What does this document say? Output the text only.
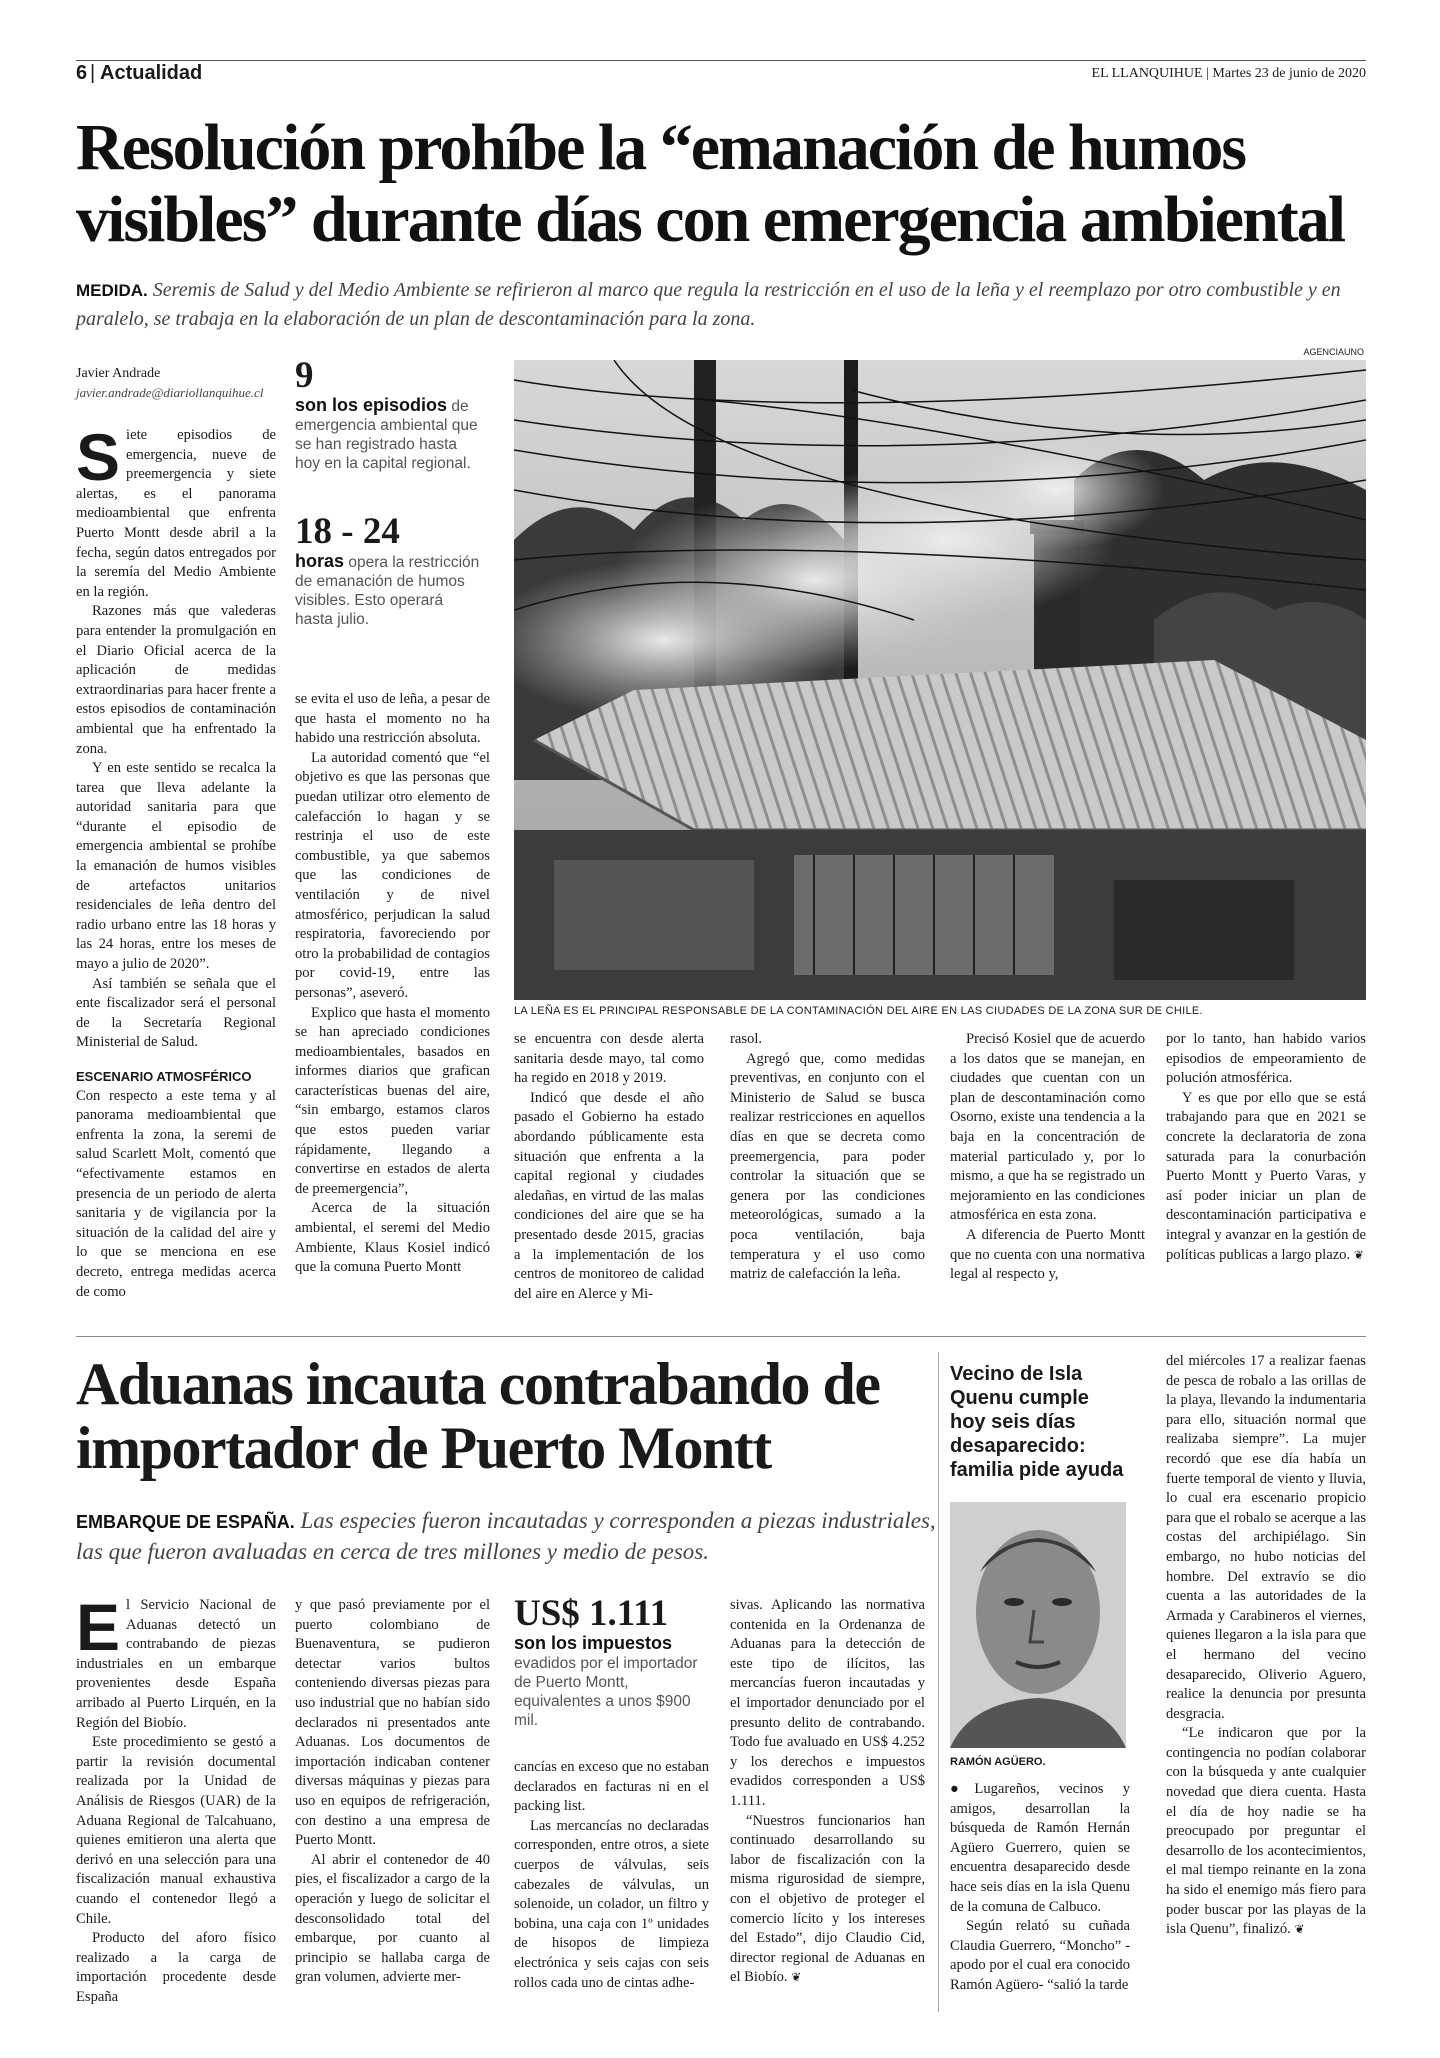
6 | Actualidad	EL LLANQUIHUE | Martes 23 de junio de 2020
Resolución prohíbe la “emanación de humos visibles” durante días con emergencia ambiental
MEDIDA. Seremis de Salud y del Medio Ambiente se refirieron al marco que regula la restricción en el uso de la leña y el reemplazo por otro combustible y en paralelo, se trabaja en la elaboración de un plan de descontaminación para la zona.
Javier Andrade
javier.andrade@diariollanquihue.cl 9
son los episodios de emergencia ambiental que se han registrado hasta hoy en la capital regional.
18 - 24
horas opera la restricción de emanación de humos visibles. Esto operará hasta julio.

Siete episodios de emergencia, nueve de preemergencia y siete alertas, es el panorama medioambiental que enfrenta Puerto Montt desde abril a la fecha, según datos entregados por la seremía del Medio Ambiente en la región.

Razones más que valederas para entender la promulgación en el Diario Oficial acerca de la aplicación de medidas extraordinarias para hacer frente a estos episodios de contaminación ambiental que ha enfrentado la zona.

Y en este sentido se recalca la tarea que lleva adelante la autoridad sanitaria para que “durante el episodio de emergencia ambiental se prohíbe la emanación de humos visibles de artefactos unitarios residenciales de leña dentro del radio urbano entre las 18 horas y las 24 horas, entre los meses de mayo a julio de 2020”.

Así también se señala que el ente fiscalizador será el personal de la Secretaría Regional Ministerial de Salud.

ESCENARIO ATMOSFÉRICO

Con respecto a este tema y al panorama medioambiental que enfrenta la zona, la seremi de salud Scarlett Molt, comentó que “efectivamente estamos en presencia de un periodo de alerta sanitaria y de vigilancia por la situación de la calidad del aire y lo que se menciona en ese decreto, entrega medidas acerca de como

se evita el uso de leña, a pesar de que hasta el momento no ha habido una restricción absoluta.

La autoridad comentó que “el objetivo es que las personas que puedan utilizar otro elemento de calefacción lo hagan y se restrinja el uso de este combustible, ya que sabemos que las condiciones de ventilación y de nivel atmosférico, perjudican la salud respiratoria, favoreciendo por otro la probabilidad de contagios por covid-19, entre las personas”, aseveró.

Explico que hasta el momento se han apreciado condiciones medioambientales, basados en informes diarios que grafican características buenas del aire, “sin embargo, estamos claros que estos pueden variar rápidamente, llegando a convertirse en estados de alerta de preemergencia”,

Acerca de la situación ambiental, el seremi del Medio Ambiente, Klaus Kosiel indicó que la comuna Puerto Montt

AGENCIAUNO
LA LEÑA ES EL PRINCIPAL RESPONSABLE DE LA CONTAMINACIÓN DEL AIRE EN LAS CIUDADES DE LA ZONA SUR DE CHILE.

se encuentra con desde alerta sanitaria desde mayo, tal como ha regido en 2018 y 2019.

Indicó que desde el año pasado el Gobierno ha estado abordando públicamente esta situación que enfrenta a la capital regional y ciudades aledañas, en virtud de las malas condiciones del aire que se ha presentado desde 2015, gracias a la implementación de los centros de monitoreo de calidad del aire en Alerce y Mi-

rasol.

Agregó que, como medidas preventivas, en conjunto con el Ministerio de Salud se busca realizar restricciones en aquellos días en que se decreta como preemergencia, para poder controlar la situación que se genera por las condiciones meteorológicas, sumado a la poca ventilación, baja temperatura y el uso como matriz de calefacción la leña.

Precisó Kosiel que de acuerdo a los datos que se manejan, en ciudades que cuentan con un plan de descontaminación como Osorno, existe una tendencia a la baja en la concentración de material particulado y, por lo mismo, a que ha se registrado un mejoramiento en las condiciones atmosférica en esta zona.

A diferencia de Puerto Montt que no cuenta con una normativa legal al respecto y,

por lo tanto, han habido varios episodios de empeoramiento de polución atmosférica.

Y es que por ello que se está trabajando para que en 2021 se concrete la declaratoria de zona saturada para la conurbación Puerto Montt y Puerto Varas, y así poder iniciar un plan de descontaminación participativa e integral y avanzar en la gestión de políticas publicas a largo plazo. ❦

Aduanas incauta contrabando de importador de Puerto Montt
EMBARQUE DE ESPAÑA. Las especies fueron incautadas y corresponden a piezas industriales, las que fueron avaluadas en cerca de tres millones y medio de pesos.

El Servicio Nacional de Aduanas detectó un contrabando de piezas industriales en un embarque provenientes desde España arribado al Puerto Lirquén, en la Región del Biobío.

Este procedimiento se gestó a partir la revisión documental realizada por la Unidad de Análisis de Riesgos (UAR) de la Aduana Regional de Talcahuano, quienes emitieron una alerta que derivó en una selección para una fiscalización manual exhaustiva cuando el contenedor llegó a Chile.

Producto del aforo físico realizado a la carga de importación procedente desde España

y que pasó previamente por el puerto colombiano de Buenaventura, se pudieron detectar varios bultos conteniendo diversas piezas para uso industrial que no habían sido declarados ni presentados ante Aduanas. Los documentos de importación indicaban contener diversas máquinas y piezas para uso en equipos de refrigeración, con destino a una empresa de Puerto Montt.

Al abrir el contenedor de 40 pies, el fiscalizador a cargo de la operación y luego de solicitar el desconsolidado total del embarque, por cuanto al principio se hallaba carga de gran volumen, advierte mer-

US$ 1.111
son los impuestos evadidos por el importador de Puerto Montt, equivalentes a unos $900 mil.

cancías en exceso que no estaban declarados en facturas ni en el packing list.

Las mercancías no declaradas corresponden, entre otros, a siete cuerpos de válvulas, seis cabezales de válvulas, un solenoide, un colador, un filtro y bobina, una caja con 1º unidades de hisopos de limpieza electrónica y seis cajas con seis rollos cada uno de cintas adhe-

sivas. Aplicando las normativa contenida en la Ordenanza de Aduanas para la detección de este tipo de ilícitos, las mercancías fueron incautadas y el importador denunciado por el presunto delito de contrabando. Todo fue avaluado en US$ 4.252 y los derechos e impuestos evadidos corresponden a US$ 1.111.

“Nuestros funcionarios han continuado desarrollando su labor de fiscalización con la misma rigurosidad de siempre, con el objetivo de proteger el comercio lícito y los intereses del Estado”, dijo Claudio Cid, director regional de Aduanas en el Biobío. ❦

Vecino de Isla Quenu cumple hoy seis días desaparecido: familia pide ayuda
RAMÓN AGÜERO.

●Lugareños, vecinos y amigos, desarrollan la búsqueda de Ramón Hernán Agüero Guerrero, quien se encuentra desaparecido desde hace seis días en la isla Quenu de la comuna de Calbuco.

Según relató su cuñada Claudia Guerrero, “Moncho” -apodo por el cual era conocido Ramón Agüero- “salió la tarde

del miércoles 17 a realizar faenas de pesca de robalo a las orillas de la playa, llevando la indumentaria para ello, situación normal que realizaba siempre”. La mujer recordó que ese día había un fuerte temporal de viento y lluvia, lo cual era escenario propicio para que el robalo se acerque a las costas del archipiélago. Sin embargo, no hubo noticias del hombre. Del extravío se dio cuenta a las autoridades de la Armada y Carabineros el viernes, quienes llegaron a la isla para que el hermano del vecino desaparecido, Oliverio Aguero, realice la denuncia por presunta desgracia.

“Le indicaron que por la contingencia no podían colaborar con la búsqueda y ante cualquier novedad que diera cuenta. Hasta el día de hoy nadie se ha preocupado por preguntar el desarrollo de los acontecimientos, el mal tiempo reinante en la zona ha sido el enemigo más fiero para poder buscar por las playas de la isla Quenu”, finalizó. ❦
